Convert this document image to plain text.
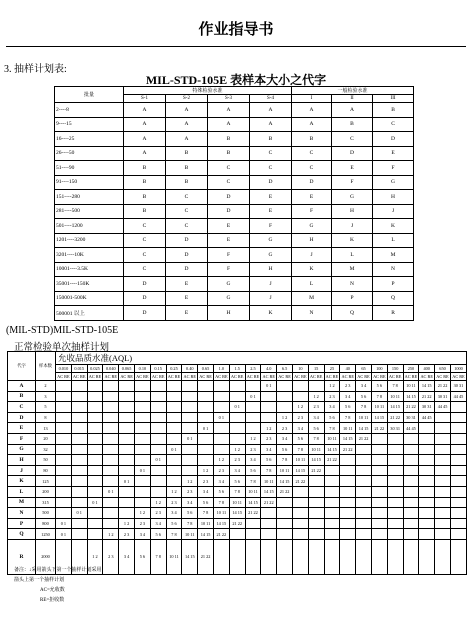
作业指导书
3. 抽样计划表:
MIL-STD-105E 表样本大小之代字
批量	特殊检验水准				一般检验水准		
	S-1	S-2	S-3	S-4	I	II	III
2----8	A	A	A	A	A	A	B
9----15	A	A	A	A	A	B	C
16----25	A	A	B	B	B	C	D
26----50	A	B	B	C	C	D	E
51----90	B	B	C	C	C	E	F
91----150	B	B	C	D	D	F	G
151----280	B	C	D	E	E	G	H
281----500	B	C	D	E	F	H	J
501----1200	C	C	E	F	G	J	K
1201----3200	C	D	E	G	H	K	L
3201----10K	C	D	F	G	J	L	M
10001----3.5K	C	D	F	H	K	M	N
35001----150K	D	E	G	J	L	N	P
150001-500K	D	E	G	J	M	P	Q
500001 以上	D	E	H	K	N	Q	R
(MIL-STD)MIL-STD-105E
正常检验单次抽样计划
代字	样本数	允收品质水准(AQL)																									
		0.010	0.015	0.025	0.040	0.065	0.10	0.15	0.25	0.40	0.65	1.0	1.5	2.5	4.0	6.5	10	15	25	40	65	100	150	250	400	650	1000
		AC RE	AC RE	AC RE	AC RE	AC RE	AC RE	AC RE	AC RE	AC RE	AC RE	AC RE	AC RE	AC RE	AC RE	AC RE	AC RE	AC RE	AC RE	AC RE	AC RE	AC RE	AC RE	AC RE	AC RE	AC RE	AC RE
A	2														0 1				1 2	2 3	3 4	5 6	7 8	10 11	14 15	21 22	30 31
B	3													0 1				1 2	2 3	3 4	5 6	7 8	10 11	14 15	21 22	30 31	44 45
C	5												0 1				1 2	2 3	3 4	5 6	7 8	10 11	14 15	21 22	30 31	44 45	
D	8											0 1				1 2	2 3	3 4	5 6	7 8	10 11	14 15	21 22	30 31	44 45		
E	13										0 1				1 2	2 3	3 4	5 6	7 8	10 11	14 15	21 22	30 31	44 45			
F	20									0 1				1 2	2 3	3 4	5 6	7 8	10 11	14 15	21 22						
G	32								0 1				1 2	2 3	3 4	5 6	7 8	10 11	14 15	21 22							
H	50							0 1				1 2	2 3	3 4	5 6	7 8	10 11	14 15	21 22								
J	80						0 1				1 2	2 3	3 4	5 6	7 8	10 11	14 15	21 22									
K	125					0 1				1 2	2 3	3 4	5 6	7 8	10 11	14 15	21 22										
L	200				0 1				1 2	2 3	3 4	5 6	7 8	10 11	14 15	21 22											
M	315			0 1				1 2	2 3	3 4	5 6	7 8	10 11	14 15	21 22												
N	500		0 1				1 2	2 3	3 4	5 6	7 8	10 11	14 15	21 22													
P	800	0 1				1 2	2 3	3 4	5 6	7 8	10 11	14 15	21 22														
Q	1250	0 1			1 2	2 3	3 4	5 6	7 8	10 11	14 15	21 22															
R	2000			1 2	2 3	3 4	5 6	7 8	10 11	14 15	21 22																
备注：↓采用箭头下第一个抽样计划采用
箭头上第一个抽样计划
AC=允收数
RE=拒收数
